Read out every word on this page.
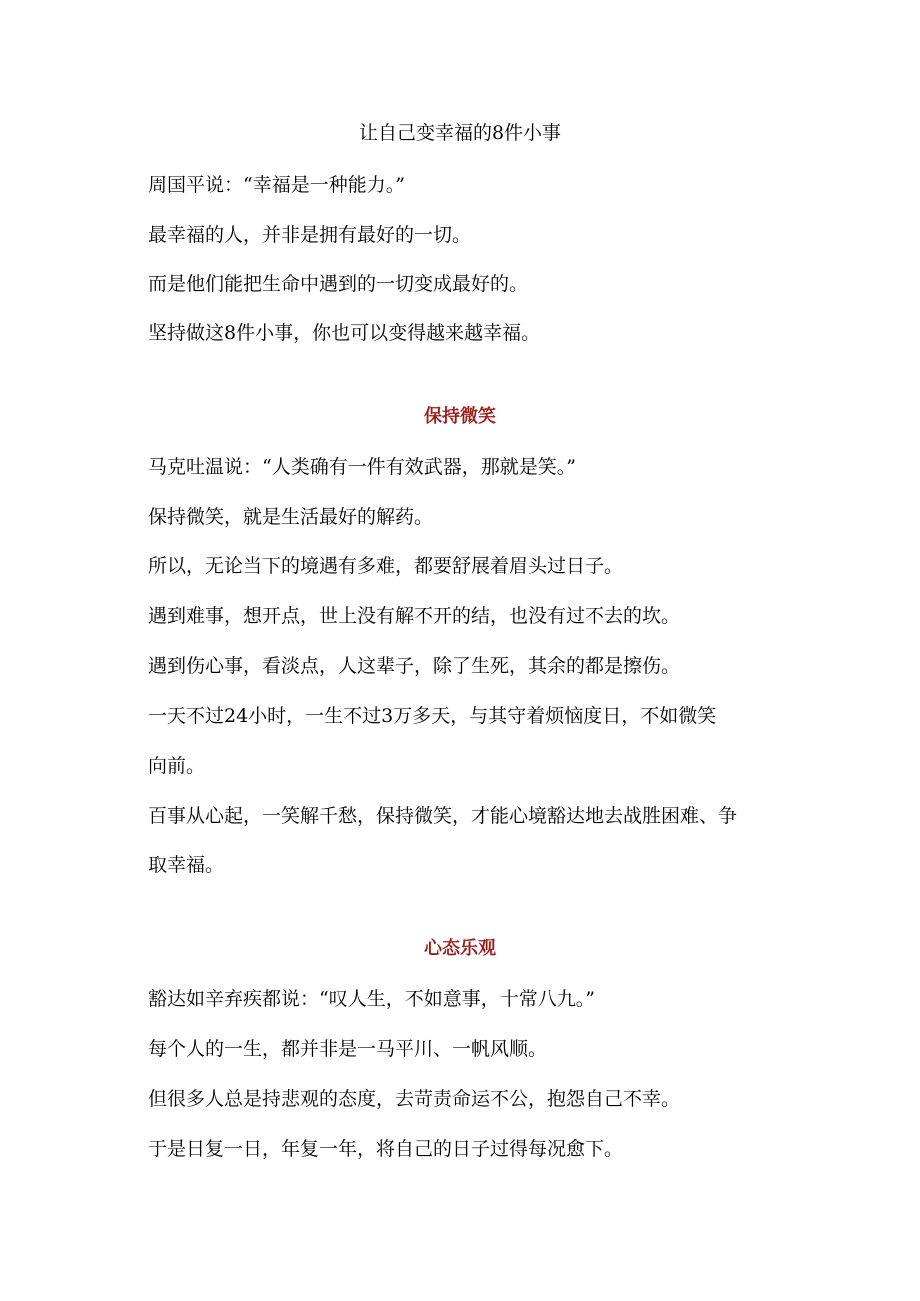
让自己变幸福的8件小事
周国平说：“幸福是一种能力。”
最幸福的人，并非是拥有最好的一切。
而是他们能把生命中遇到的一切变成最好的。
坚持做这8件小事，你也可以变得越来越幸福。
保持微笑
马克吐温说：“人类确有一件有效武器，那就是笑。”
保持微笑，就是生活最好的解药。
所以，无论当下的境遇有多难，都要舒展着眉头过日子。
遇到难事，想开点，世上没有解不开的结，也没有过不去的坎。
遇到伤心事，看淡点，人这辈子，除了生死，其余的都是擦伤。
一天不过24小时，一生不过3万多天，与其守着烦恼度日，不如微笑
向前。
百事从心起，一笑解千愁，保持微笑，才能心境豁达地去战胜困难、争
取幸福。
心态乐观
豁达如辛弃疾都说：“叹人生，不如意事，十常八九。”
每个人的一生，都并非是一马平川、一帆风顺。
但很多人总是持悲观的态度，去苛责命运不公，抱怨自己不幸。
于是日复一日，年复一年，将自己的日子过得每况愈下。
